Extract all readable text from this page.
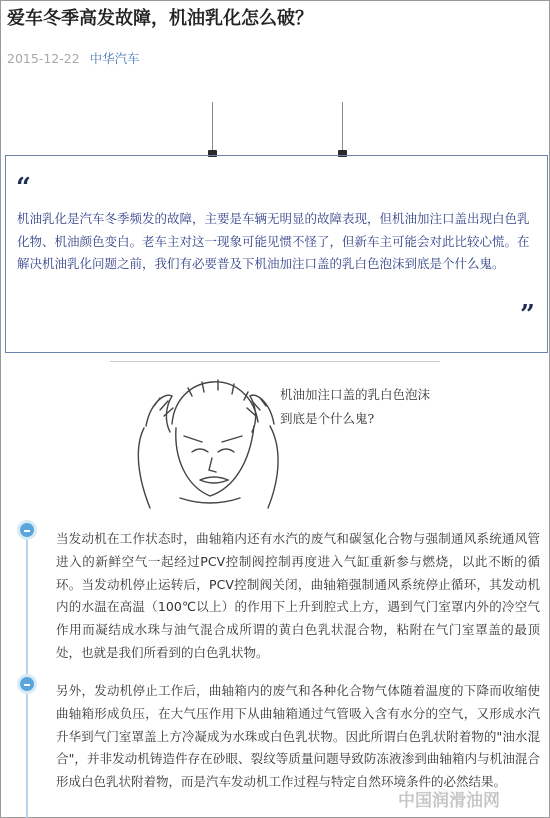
爱车冬季高发故障，机油乳化怎么破？
2015-12-22 中华汽车
“

机油乳化是汽车冬季频发的故障，主要是车辆无明显的故障表现，但机油加注口盖出现白色乳化物、机油颜色变白。老车主对这一现象可能见惯不怪了，但新车主可能会对此比较心慌。在解决机油乳化问题之前，我们有必要普及下机油加注口盖的乳白色泡沫到底是个什么鬼。

”
机油加注口盖的乳白色泡沫
到底是个什么鬼?

当发动机在工作状态时，曲轴箱内还有水汽的废气和碳氢化合物与强制通风系统通风管进入的新鲜空气一起经过PCV控制阀控制再度进入气缸重新参与燃烧，以此不断的循环。当发动机停止运转后，PCV控制阀关闭，曲轴箱强制通风系统停止循环，其发动机内的水温在高温（100℃以上）的作用下上升到腔式上方，遇到气门室罩内外的冷空气作用而凝结成水珠与油气混合成所谓的黄白色乳状混合物，粘附在气门室罩盖的最顶处，也就是我们所看到的白色乳状物。

另外，发动机停止工作后，曲轴箱内的废气和各种化合物气体随着温度的下降而收缩使曲轴箱形成负压，在大气压作用下从曲轴箱通过气管吸入含有水分的空气，又形成水汽升华到气门室罩盖上方冷凝成为水珠或白色乳状物。因此所谓白色乳状附着物的"油水混合"，并非发动机铸造件存在砂眼、裂纹等质量问题导致防冻液渗到曲轴箱内与机油混合形成白色乳状附着物，而是汽车发动机工作过程与特定自然环境条件的必然结果。

中国润滑油网
